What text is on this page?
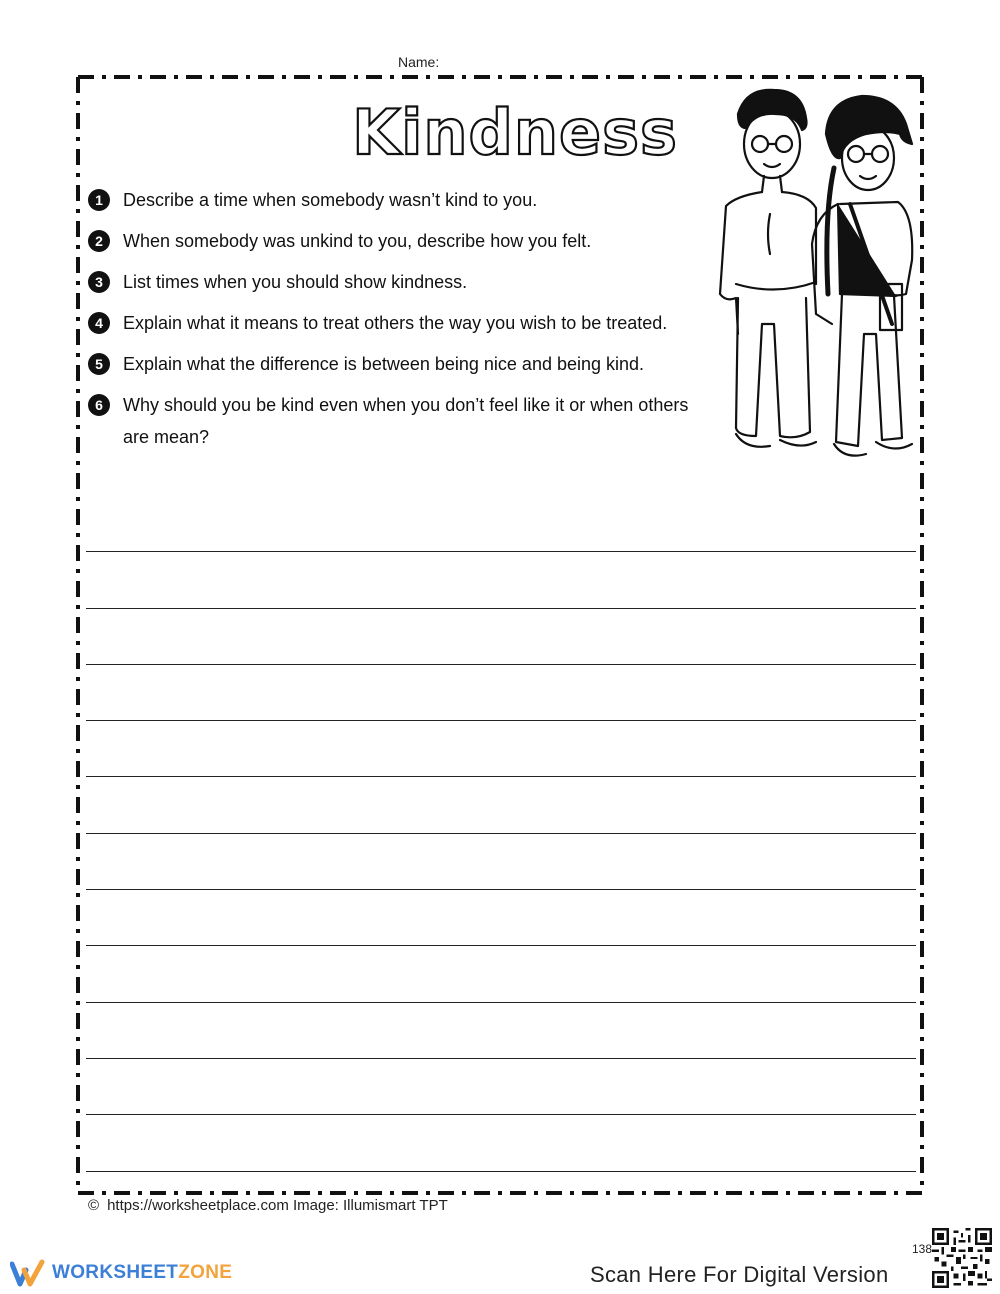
Name:
Kindness
1	Describe a time when somebody wasn’t kind to you.
2	When somebody was unkind to you, describe how you felt.
3	List times when you should show kindness.
4	Explain what it means to treat others the way you wish to be treated.
5	Explain what the difference is between being nice and being kind.
6	Why should you be kind even when you don’t feel like it or when others are mean?
© https://worksheetplace.com Image: Illumismart TPT
WORKSHEET ZONE
138
Scan Here For Digital Version
